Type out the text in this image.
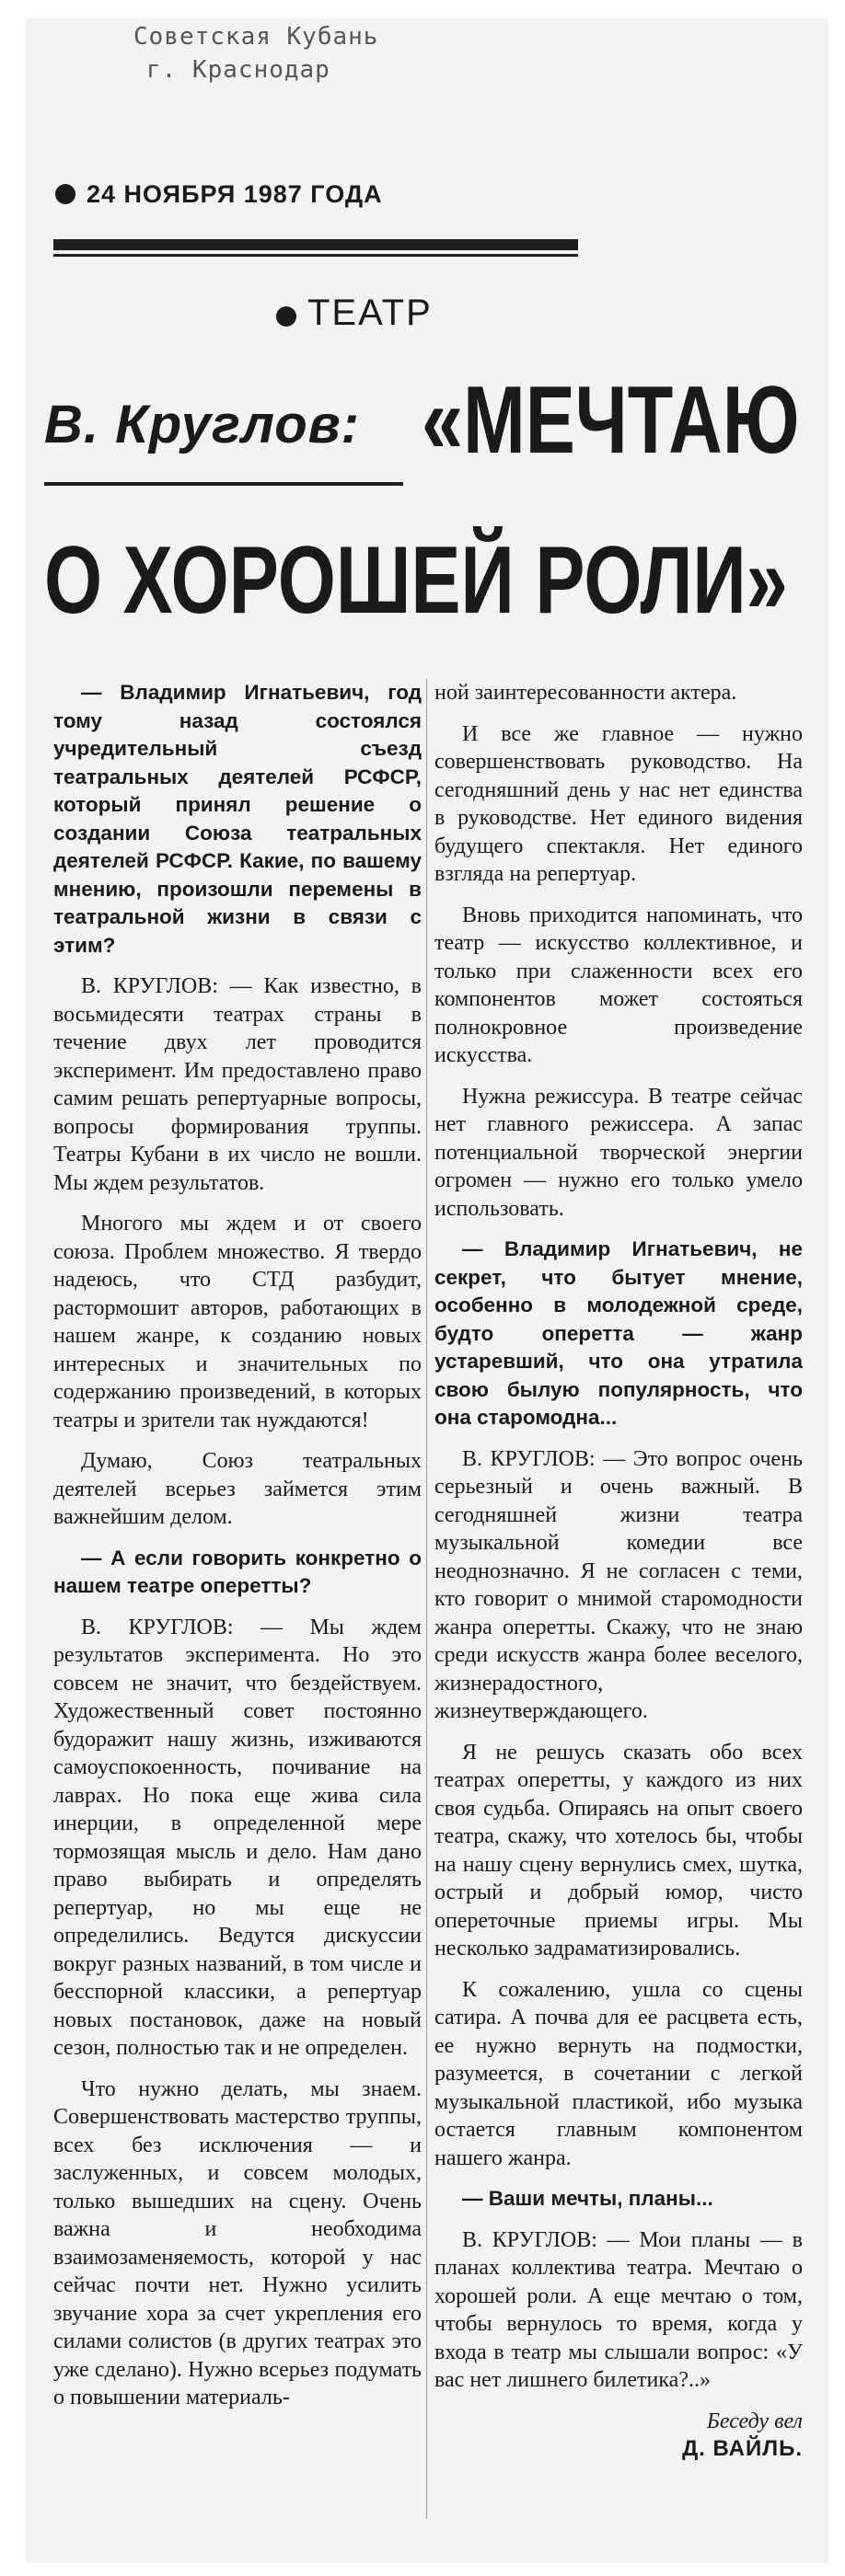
Советская Кубань
г. Краснодар
24 НОЯБРЯ 1987 ГОДА
ТЕАТР
В. Круглов: «МЕЧТАЮ
О ХОРОШЕЙ РОЛИ»

— Владимир Игнатьевич, год тому назад состоялся учредительный съезд театральных деятелей РСФСР, который принял решение о создании Союза театральных деятелей РСФСР. Какие, по вашему мнению, произошли перемены в театральной жизни в связи с этим?

В. КРУГЛОВ: — Как известно, в восьмидесяти театрах страны в течение двух лет проводится эксперимент. Им предоставлено право самим решать репертуарные вопросы, вопросы формирования труппы. Театры Кубани в их число не вошли. Мы ждем результатов.

Многого мы ждем и от своего союза. Проблем множество. Я твердо надеюсь, что СТД разбудит, растормошит авторов, работающих в нашем жанре, к созданию новых интересных и значительных по содержанию произведений, в которых театры и зрители так нуждаются!

Думаю, Союз театральных деятелей всерьез займется этим важнейшим делом.

— А если говорить конкретно о нашем театре оперетты?

В. КРУГЛОВ: — Мы ждем результатов эксперимента. Но это совсем не значит, что бездействуем. Художественный совет постоянно будоражит нашу жизнь, изживаются самоуспокоенность, почивание на лаврах. Но пока еще жива сила инерции, в определенной мере тормозящая мысль и дело. Нам дано право выбирать и определять репертуар, но мы еще не определились. Ведутся дискуссии вокруг разных названий, в том числе и бесспорной классики, а репертуар новых постановок, даже на новый сезон, полностью так и не определен.

Что нужно делать, мы знаем. Совершенствовать мастерство труппы, всех без исключения — и заслуженных, и совсем молодых, только вышедших на сцену. Очень важна и необходима взаимозаменяемость, которой у нас сейчас почти нет. Нужно усилить звучание хора за счет укрепления его силами солистов (в других театрах это уже сделано). Нужно всерьез подумать о повышении материаль-

ной заинтересованности актера.

И все же главное — нужно совершенствовать руководство. На сегодняшний день у нас нет единства в руководстве. Нет единого видения будущего спектакля. Нет единого взгляда на репертуар.

Вновь приходится напоминать, что театр — искусство коллективное, и только при слаженности всех его компонентов может состояться полнокровное произведение искусства.

Нужна режиссура. В театре сейчас нет главного режиссера. А запас потенциальной творческой энергии огромен — нужно его только умело использовать.

— Владимир Игнатьевич, не секрет, что бытует мнение, особенно в молодежной среде, будто оперетта — жанр устаревший, что она утратила свою былую популярность, что она старомодна...

В. КРУГЛОВ: — Это вопрос очень серьезный и очень важный. В сегодняшней жизни театра музыкальной комедии все неоднозначно. Я не согласен с теми, кто говорит о мнимой старомодности жанра оперетты. Скажу, что не знаю среди искусств жанра более веселого, жизнерадостного, жизнеутверждающего.

Я не решусь сказать обо всех театрах оперетты, у каждого из них своя судьба. Опираясь на опыт своего театра, скажу, что хотелось бы, чтобы на нашу сцену вернулись смех, шутка, острый и добрый юмор, чисто опереточные приемы игры. Мы несколько задраматизировались.

К сожалению, ушла со сцены сатира. А почва для ее расцвета есть, ее нужно вернуть на подмостки, разумеется, в сочетании с легкой музыкальной пластикой, ибо музыка остается главным компонентом нашего жанра.

— Ваши мечты, планы...

В. КРУГЛОВ: — Мои планы — в планах коллектива театра. Мечтаю о хорошей роли. А еще мечтаю о том, чтобы вернулось то время, когда у входа в театр мы слышали вопрос: «У вас нет лишнего билетика?..»

Беседу вел
Д. ВАЙЛЬ.
